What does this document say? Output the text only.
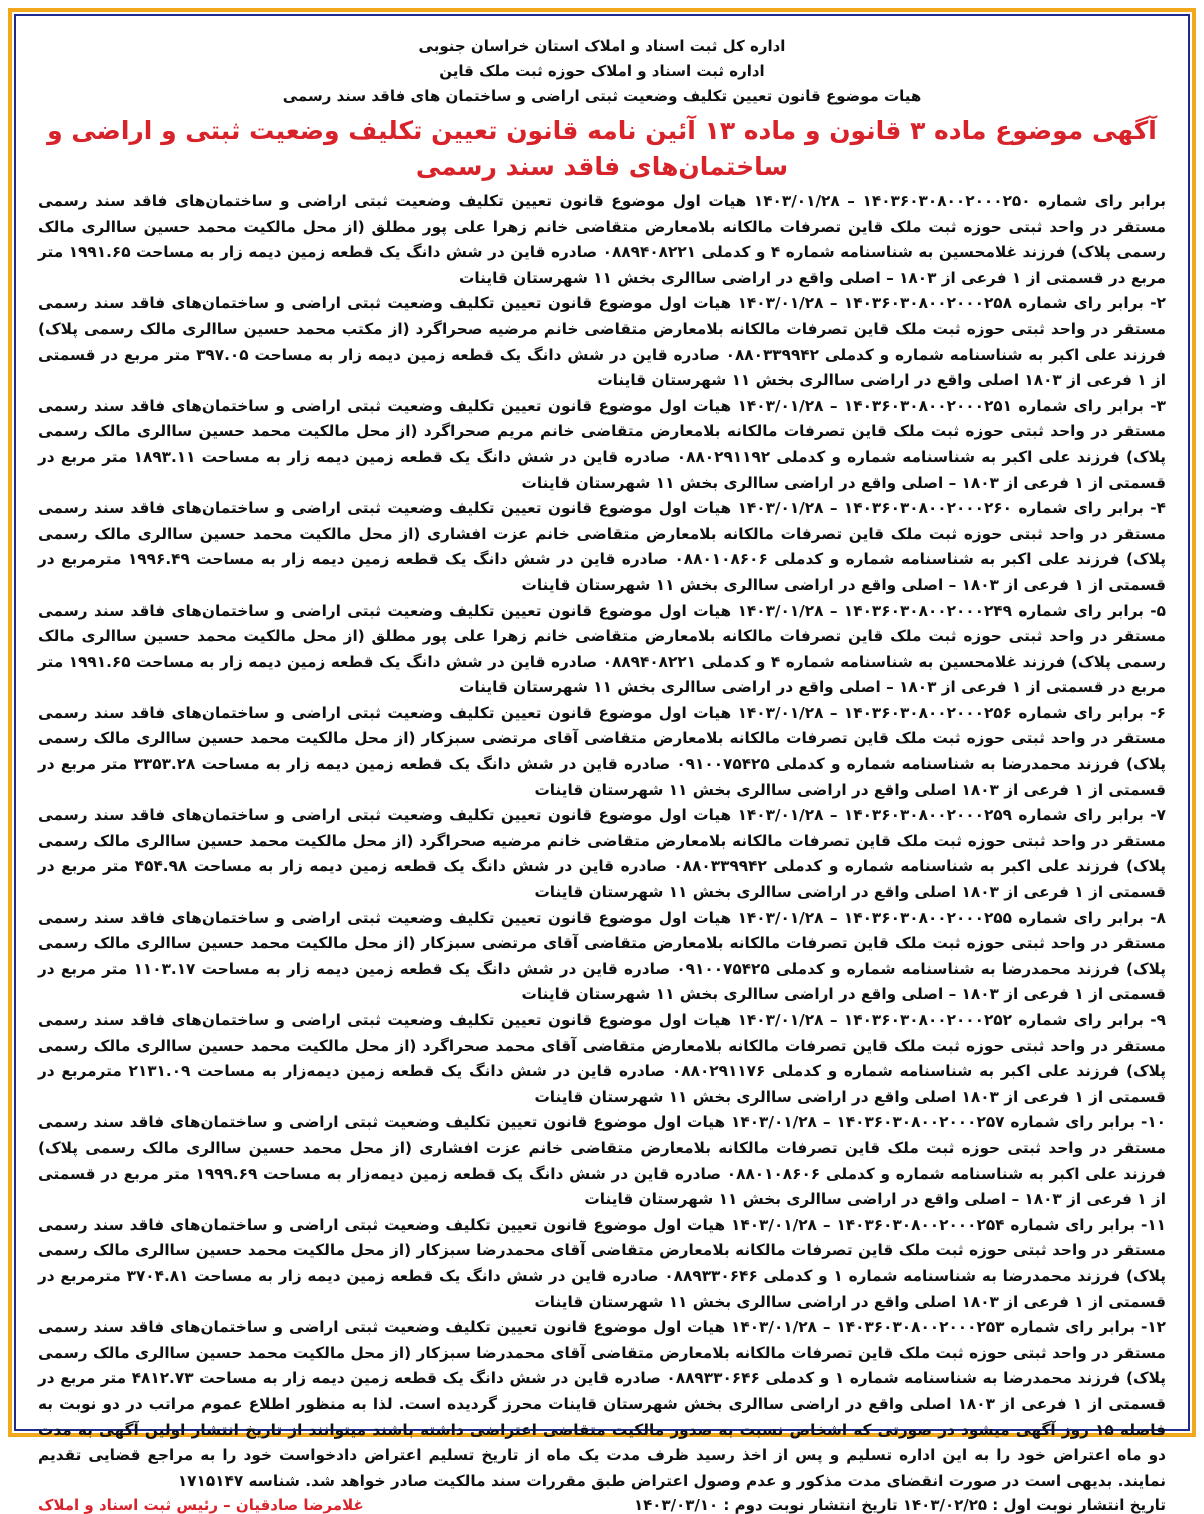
اداره کل ثبت اسناد و املاک استان خراسان جنوبی
اداره ثبت اسناد و املاک حوزه ثبت ملک قاین
هیات موضوع قانون تعیین تکلیف وضعیت ثبتی اراضی و ساختمان های فاقد سند رسمی
آگهی موضوع ماده ۳ قانون و ماده ۱۳ آئین نامه قانون تعیین تکلیف وضعیت ثبتی و اراضی و ساختمان‌های فاقد سند رسمی

برابر رای شماره ۱۴۰۳۶۰۳۰۸۰۰۲۰۰۰۲۵۰ – ۱۴۰۳/۰۱/۲۸ هیات اول موضوع قانون تعیین تکلیف وضعیت ثبتی اراضی و ساختمان‌های فاقد سند رسمی مستقر در واحد ثبتی حوزه ثبت ملک قاین تصرفات مالکانه بلامعارض متقاضی خانم زهرا علی پور مطلق (از محل مالکیت محمد حسین ساالری مالک رسمی پلاک) فرزند غلامحسین به شناسنامه شماره ۴ و کدملی ۰۸۸۹۴۰۸۲۲۱ صادره قاین در شش دانگ یک قطعه زمین دیمه زار به مساحت ۱۹۹۱.۶۵ متر مربع در قسمتی از ۱ فرعی از ۱۸۰۳ – اصلی واقع در اراضی ساالری بخش ۱۱ شهرستان قاینات

۲- برابر رای شماره ۱۴۰۳۶۰۳۰۸۰۰۲۰۰۰۲۵۸ – ۱۴۰۳/۰۱/۲۸ هیات اول موضوع قانون تعیین تکلیف وضعیت ثبتی اراضی و ساختمان‌های فاقد سند رسمی مستقر در واحد ثبتی حوزه ثبت ملک قاین تصرفات مالکانه بلامعارض متقاضی خانم مرضیه صحراگرد (از مکتب محمد حسین ساالری مالک رسمی پلاک) فرزند علی اکبر به شناسنامه شماره و کدملی ۰۸۸۰۳۳۹۹۴۲ صادره قاین در شش دانگ یک قطعه زمین دیمه زار به مساحت ۳۹۷.۰۵ متر مربع در قسمتی از ۱ فرعی از ۱۸۰۳ اصلی واقع در اراضی ساالری بخش ۱۱ شهرستان قاینات

۳- برابر رای شماره ۱۴۰۳۶۰۳۰۸۰۰۲۰۰۰۲۵۱ – ۱۴۰۳/۰۱/۲۸ هیات اول موضوع قانون تعیین تکلیف وضعیت ثبتی اراضی و ساختمان‌های فاقد سند رسمی مستقر در واحد ثبتی حوزه ثبت ملک قاین تصرفات مالکانه بلامعارض متقاضی خانم مریم صحراگرد (از محل مالکیت محمد حسین ساالری مالک رسمی پلاک) فرزند علی اکبر به شناسنامه شماره و کدملی ۰۸۸۰۲۹۱۱۹۲ صادره قاین در شش دانگ یک قطعه زمین دیمه زار به مساحت ۱۸۹۳.۱۱ متر مربع در قسمتی از ۱ فرعی از ۱۸۰۳ – اصلی واقع در اراضی ساالری بخش ۱۱ شهرستان قاینات

۴- برابر رای شماره ۱۴۰۳۶۰۳۰۸۰۰۲۰۰۰۲۶۰ – ۱۴۰۳/۰۱/۲۸ هیات اول موضوع قانون تعیین تکلیف وضعیت ثبتی اراضی و ساختمان‌های فاقد سند رسمی مستقر در واحد ثبتی حوزه ثبت ملک قاین تصرفات مالکانه بلامعارض متقاضی خانم عزت افشاری (از محل مالکیت محمد حسین ساالری مالک رسمی پلاک) فرزند علی اکبر به شناسنامه شماره و کدملی ۰۸۸۰۱۰۸۶۰۶ صادره قاین در شش دانگ یک قطعه زمین دیمه زار به مساحت ۱۹۹۶.۴۹ مترمربع در قسمتی از ۱ فرعی از ۱۸۰۳ – اصلی واقع در اراضی ساالری بخش ۱۱ شهرستان قاینات

۵- برابر رای شماره ۱۴۰۳۶۰۳۰۸۰۰۲۰۰۰۲۴۹ – ۱۴۰۳/۰۱/۲۸ هیات اول موضوع قانون تعیین تکلیف وضعیت ثبتی اراضی و ساختمان‌های فاقد سند رسمی مستقر در واحد ثبتی حوزه ثبت ملک قاین تصرفات مالکانه بلامعارض متقاضی خانم زهرا علی پور مطلق (از محل مالکیت محمد حسین ساالری مالک رسمی پلاک) فرزند غلامحسین به شناسنامه شماره ۴ و کدملی ۰۸۸۹۴۰۸۲۲۱ صادره قاین در شش دانگ یک قطعه زمین دیمه زار به مساحت ۱۹۹۱.۶۵ متر مربع در قسمتی از ۱ فرعی از ۱۸۰۳ – اصلی واقع در اراضی ساالری بخش ۱۱ شهرستان قاینات

۶- برابر رای شماره ۱۴۰۳۶۰۳۰۸۰۰۲۰۰۰۲۵۶ – ۱۴۰۳/۰۱/۲۸ هیات اول موضوع قانون تعیین تکلیف وضعیت ثبتی اراضی و ساختمان‌های فاقد سند رسمی مستقر در واحد ثبتی حوزه ثبت ملک قاین تصرفات مالکانه بلامعارض متقاضی آقای مرتضی سبزکار (از محل مالکیت محمد حسین ساالری مالک رسمی پلاک) فرزند محمدرضا به شناسنامه شماره و کدملی ۰۹۱۰۰۷۵۴۲۵ صادره قاین در شش دانگ یک قطعه زمین دیمه زار به مساحت ۳۳۵۳.۲۸ متر مربع در قسمتی از ۱ فرعی از ۱۸۰۳ اصلی واقع در اراضی ساالری بخش ۱۱ شهرستان قاینات

۷- برابر رای شماره ۱۴۰۳۶۰۳۰۸۰۰۲۰۰۰۲۵۹ – ۱۴۰۳/۰۱/۲۸ هیات اول موضوع قانون تعیین تکلیف وضعیت ثبتی اراضی و ساختمان‌های فاقد سند رسمی مستقر در واحد ثبتی حوزه ثبت ملک قاین تصرفات مالکانه بلامعارض متقاضی خانم مرضیه صحراگرد (از محل مالکیت محمد حسین ساالری مالک رسمی پلاک) فرزند علی اکبر به شناسنامه شماره و کدملی ۰۸۸۰۳۳۹۹۴۲ صادره قاین در شش دانگ یک قطعه زمین دیمه زار به مساحت ۴۵۴.۹۸ متر مربع در قسمتی از ۱ فرعی از ۱۸۰۳ اصلی واقع در اراضی ساالری بخش ۱۱ شهرستان قاینات

۸- برابر رای شماره ۱۴۰۳۶۰۳۰۸۰۰۲۰۰۰۲۵۵ – ۱۴۰۳/۰۱/۲۸ هیات اول موضوع قانون تعیین تکلیف وضعیت ثبتی اراضی و ساختمان‌های فاقد سند رسمی مستقر در واحد ثبتی حوزه ثبت ملک قاین تصرفات مالکانه بلامعارض متقاضی آقای مرتضی سبزکار (از محل مالکیت محمد حسین ساالری مالک رسمی پلاک) فرزند محمدرضا به شناسنامه شماره و کدملی ۰۹۱۰۰۷۵۴۲۵ صادره قاین در شش دانگ یک قطعه زمین دیمه زار به مساحت ۱۱۰۳.۱۷ متر مربع در قسمتی از ۱ فرعی از ۱۸۰۳ – اصلی واقع در اراضی ساالری بخش ۱۱ شهرستان قاینات

۹- برابر رای شماره ۱۴۰۳۶۰۳۰۸۰۰۲۰۰۰۲۵۲ – ۱۴۰۳/۰۱/۲۸ هیات اول موضوع قانون تعیین تکلیف وضعیت ثبتی اراضی و ساختمان‌های فاقد سند رسمی مستقر در واحد ثبتی حوزه ثبت ملک قاین تصرفات مالکانه بلامعارض متقاضی آقای محمد صحراگرد (از محل مالکیت محمد حسین ساالری مالک رسمی پلاک) فرزند علی اکبر به شناسنامه شماره و کدملی ۰۸۸۰۲۹۱۱۷۶ صادره قاین در شش دانگ یک قطعه زمین دیمه‌زار به مساحت ۲۱۳۱.۰۹ مترمربع در قسمتی از ۱ فرعی از ۱۸۰۳ اصلی واقع در اراضی ساالری بخش ۱۱ شهرستان قاینات

۱۰- برابر رای شماره ۱۴۰۳۶۰۳۰۸۰۰۲۰۰۰۲۵۷ – ۱۴۰۳/۰۱/۲۸ هیات اول موضوع قانون تعیین تکلیف وضعیت ثبتی اراضی و ساختمان‌های فاقد سند رسمی مستقر در واحد ثبتی حوزه ثبت ملک قاین تصرفات مالکانه بلامعارض متقاضی خانم عزت افشاری (از محل محمد حسین ساالری مالک رسمی پلاک) فرزند علی اکبر به شناسنامه شماره و کدملی ۰۸۸۰۱۰۸۶۰۶ صادره قاین در شش دانگ یک قطعه زمین دیمه‌زار به مساحت ۱۹۹۹.۶۹ متر مربع در قسمتی از ۱ فرعی از ۱۸۰۳ – اصلی واقع در اراضی ساالری بخش ۱۱ شهرستان قاینات

۱۱- برابر رای شماره ۱۴۰۳۶۰۳۰۸۰۰۲۰۰۰۲۵۴ – ۱۴۰۳/۰۱/۲۸ هیات اول موضوع قانون تعیین تکلیف وضعیت ثبتی اراضی و ساختمان‌های فاقد سند رسمی مستقر در واحد ثبتی حوزه ثبت ملک قاین تصرفات مالکانه بلامعارض متقاضی آقای محمدرضا سبزکار (از محل مالکیت محمد حسین ساالری مالک رسمی پلاک) فرزند محمدرضا به شناسنامه شماره ۱ و کدملی ۰۸۸۹۳۳۰۶۴۶ صادره قاین در شش دانگ یک قطعه زمین دیمه زار به مساحت ۳۷۰۴.۸۱ مترمربع در قسمتی از ۱ فرعی از ۱۸۰۳ اصلی واقع در اراضی ساالری بخش ۱۱ شهرستان قاینات

۱۲- برابر رای شماره ۱۴۰۳۶۰۳۰۸۰۰۲۰۰۰۲۵۳ – ۱۴۰۳/۰۱/۲۸ هیات اول موضوع قانون تعیین تکلیف وضعیت ثبتی اراضی و ساختمان‌های فاقد سند رسمی مستقر در واحد ثبتی حوزه ثبت ملک قاین تصرفات مالکانه بلامعارض متقاضی آقای محمدرضا سبزکار (از محل مالکیت محمد حسین ساالری مالک رسمی پلاک) فرزند محمدرضا به شناسنامه شماره ۱ و کدملی ۰۸۸۹۳۳۰۶۴۶ صادره قاین در شش دانگ یک قطعه زمین دیمه زار به مساحت ۴۸۱۲.۷۳ متر مربع در قسمتی از ۱ فرعی از ۱۸۰۳ اصلی واقع در اراضی ساالری بخش شهرستان قاینات محرز گردیده است. لذا به منظور اطلاع عموم مراتب در دو نوبت به فاصله ۱۵ روز آگهی میشود در صورتی که اشخاص نسبت به صدور مالکیت متقاضی اعتراضی داشته باشند میتوانند از تاریخ انتشار اولین آگهی به مدت دو ماه اعتراض خود را به این اداره تسلیم و پس از اخذ رسید ظرف مدت یک ماه از تاریخ تسلیم اعتراض دادخواست خود را به مراجع قضایی تقدیم نمایند. بدیهی است در صورت انقضای مدت مذکور و عدم وصول اعتراض طبق مقررات سند مالکیت صادر خواهد شد. شناسه ۱۷۱۵۱۴۷

تاریخ انتشار نوبت اول : ۱۴۰۳/۰۲/۲۵ تاریخ انتشار نوبت دوم : ۱۴۰۳/۰۳/۱۰
غلامرضا صادقیان – رئیس ثبت اسناد و املاک
